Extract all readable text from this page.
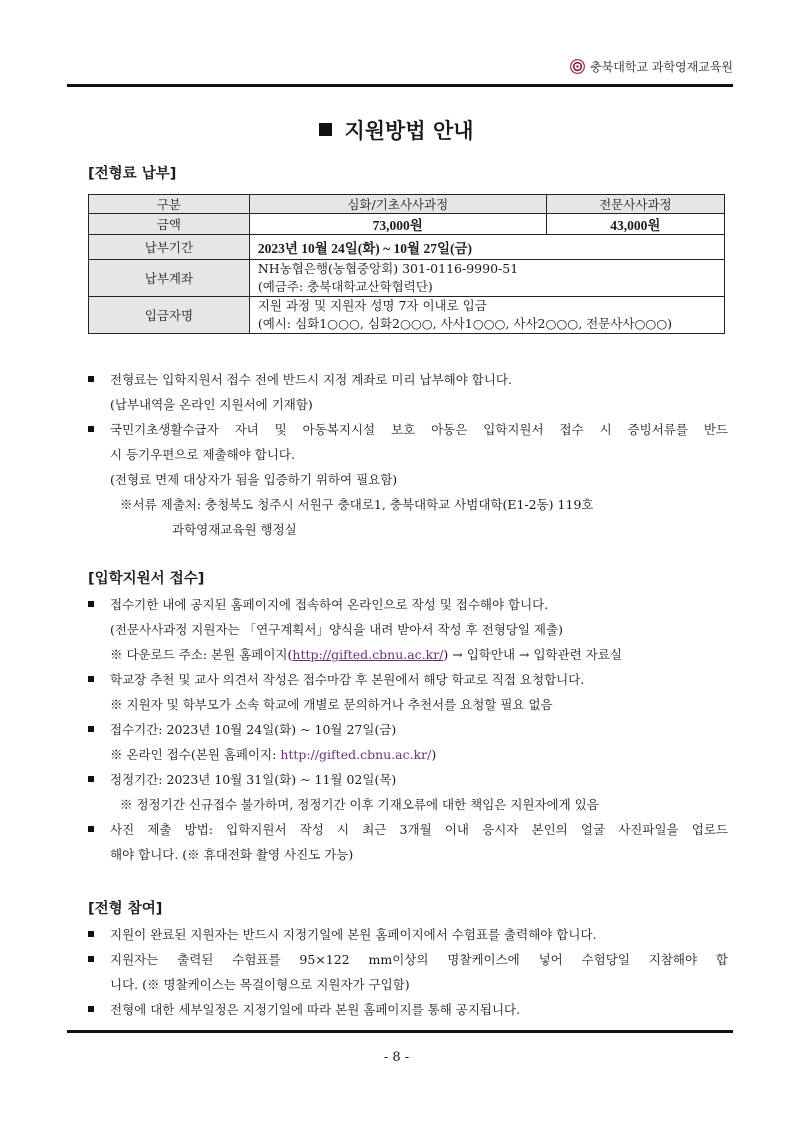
충북대학교 과학영재교육원
지원방법 안내
[전형료 납부]
구분	심화/기초사사과정	전문사사과정
금액	73,000원	43,000원
납부기간	2023년 10월 24일(화) ~ 10월 27일(금)	
납부계좌	NH농협은행(농협중앙회) 301-0116-9990-51
(예금주: 충북대학교산학협력단)	

입금자명	지원 과정 및 지원자 성명 7자 이내로 입금
(예시: 심화1○○○, 심화2○○○, 사사1○○○, 사사2○○○, 전문사사○○○)	
전형료는 입학지원서 접수 전에 반드시 지정 계좌로 미리 납부해야 합니다.
(납부내역을 온라인 지원서에 기재함)
국민기초생활수급자 자녀 및 아동복지시설 보호 아동은 입학지원서 접수 시 증빙서류를 반드
시 등기우편으로 제출해야 합니다.
(전형료 면제 대상자가 됨을 입증하기 위하여 필요함)
※서류 제출처: 충청북도 청주시 서원구 충대로1, 충북대학교 사범대학(E1-2동) 119호
과학영재교육원 행정실
[입학지원서 접수]
접수기한 내에 공지된 홈페이지에 접속하여 온라인으로 작성 및 접수해야 합니다.
(전문사사과정 지원자는 「연구계획서」양식을 내려 받아서 작성 후 전형당일 제출)
※ 다운로드 주소: 본원 홈페이지(http://gifted.cbnu.ac.kr/) → 입학안내 → 입학관련 자료실
학교장 추천 및 교사 의견서 작성은 접수마감 후 본원에서 해당 학교로 직접 요청합니다.
※ 지원자 및 학부모가 소속 학교에 개별로 문의하거나 추천서를 요청할 필요 없음
접수기간: 2023년 10월 24일(화) ~ 10월 27일(금)
※ 온라인 접수(본원 홈페이지: http://gifted.cbnu.ac.kr/)
정정기간: 2023년 10월 31일(화) ~ 11월 02일(목)
※ 정정기간 신규접수 불가하며, 정정기간 이후 기재오류에 대한 책임은 지원자에게 있음
사진 제출 방법: 입학지원서 작성 시 최근 3개월 이내 응시자 본인의 얼굴 사진파일을 업로드
해야 합니다. (※ 휴대전화 촬영 사진도 가능)
[전형 참여]
지원이 완료된 지원자는 반드시 지정기일에 본원 홈페이지에서 수험표를 출력해야 합니다.
지원자는 출력된 수험표를 95×122 mm이상의 명찰케이스에 넣어 수험당일 지참해야 합
니다. (※ 명찰케이스는 목걸이형으로 지원자가 구입함)
전형에 대한 세부일정은 지정기일에 따라 본원 홈페이지를 통해 공지됩니다.
- 8 -
